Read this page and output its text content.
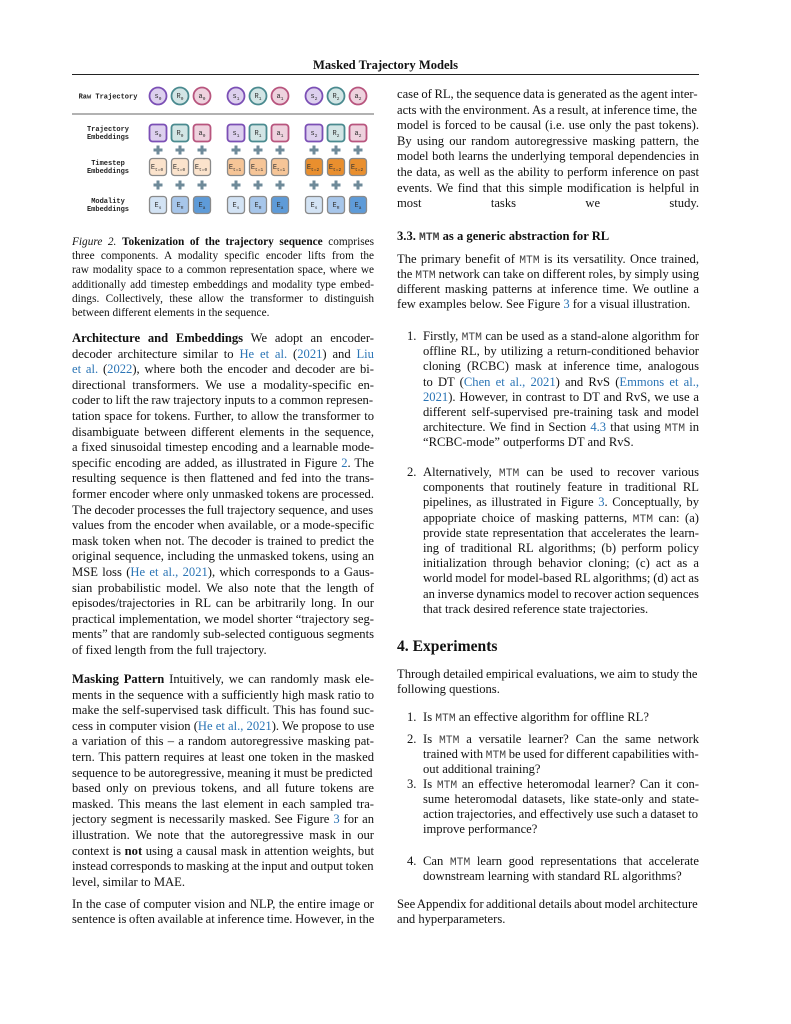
Masked Trajectory Models
Raw Trajectory
Trajectory
Embeddings
Timestep
Embeddings
Modality
Embeddings
$s_0$
$s_0$
$E_{t=0}$
$E_s$
$R_0$
$R_0$
$E_{t=0}$
$E_R$
$a_0$
$a_0$
$E_{t=0}$
$E_a$
$s_1$
$s_1$
$E_{t=1}$
$E_s$
$R_1$
$R_1$
$E_{t=1}$
$E_R$
$a_1$
$a_1$
$E_{t=1}$
$E_a$
$s_2$
$s_2$
$E_{t=2}$
$E_s$
$R_2$
$R_2$
$E_{t=2}$
$E_R$
$a_2$
$a_2$
$E_{t=2}$
$E_a$
Figure 2. Tokenization of the trajectory sequence comprises
three components. A modality specific encoder lifts from the
raw modality space to a common representation space, where we
additionally add timestep embeddings and modality type embed-
dings. Collectively, these allow the transformer to distinguish
between different elements in the sequence.
Architecture and Embeddings We adopt an encoder-
decoder architecture similar to He et al. (2021) and Liu
et al. (2022), where both the encoder and decoder are bi-
directional transformers. We use a modality-specific en-
coder to lift the raw trajectory inputs to a common represen-
tation space for tokens. Further, to allow the transformer to
disambiguate between different elements in the sequence,
a fixed sinusoidal timestep encoding and a learnable mode-
specific encoding are added, as illustrated in Figure 2. The
resulting sequence is then flattened and fed into the trans-
former encoder where only unmasked tokens are processed.
The decoder processes the full trajectory sequence, and uses
values from the encoder when available, or a mode-specific
mask token when not. The decoder is trained to predict the
original sequence, including the unmasked tokens, using an
MSE loss (He et al., 2021), which corresponds to a Gaus-
sian probabilistic model. We also note that the length of
episodes/trajectories in RL can be arbitrarily long. In our
practical implementation, we model shorter “trajectory seg-
ments” that are randomly sub-selected contiguous segments
of fixed length from the full trajectory.
Masking Pattern Intuitively, we can randomly mask ele-
ments in the sequence with a sufficiently high mask ratio to
make the self-supervised task difficult. This has found suc-
cess in computer vision (He et al., 2021). We propose to use
a variation of this – a random autoregressive masking pat-
tern. This pattern requires at least one token in the masked
sequence to be autoregressive, meaning it must be predicted
based only on previous tokens, and all future tokens are
masked. This means the last element in each sampled tra-
jectory segment is necessarily masked. See Figure 3 for an
illustration. We note that the autoregressive mask in our
context is not using a causal mask in attention weights, but
instead corresponds to masking at the input and output token
level, similar to MAE.
In the case of computer vision and NLP, the entire image or
sentence is often available at inference time. However, in the
case of RL, the sequence data is generated as the agent inter-
acts with the environment. As a result, at inference time, the
model is forced to be causal (i.e. use only the past tokens).
By using our random autoregressive masking pattern, the
model both learns the underlying temporal dependencies in
the data, as well as the ability to perform inference on past
events. We find that this simple modification is helpful in
most tasks we study.
3.3. MTM as a generic abstraction for RL
The primary benefit of MTM is its versatility. Once trained,
the MTM network can take on different roles, by simply using
different masking patterns at inference time. We outline a
few examples below. See Figure 3 for a visual illustration.
1. Firstly, MTM can be used as a stand-alone algorithm for
offline RL, by utilizing a return-conditioned behavior
cloning (RCBC) mask at inference time, analogous
to DT (Chen et al., 2021) and RvS (Emmons et al.,
2021). However, in contrast to DT and RvS, we use a
different self-supervised pre-training task and model
architecture. We find in Section 4.3 that using MTM in
“RCBC-mode” outperforms DT and RvS.
2. Alternatively, MTM can be used to recover various
components that routinely feature in traditional RL
pipelines, as illustrated in Figure 3. Conceptually, by
appopriate choice of masking patterns, MTM can: (a)
provide state representation that accelerates the learn-
ing of traditional RL algorithms; (b) perform policy
initialization through behavior cloning; (c) act as a
world model for model-based RL algorithms; (d) act as
an inverse dynamics model to recover action sequences
that track desired reference state trajectories.
4. Experiments
Through detailed empirical evaluations, we aim to study the
following questions.
1. Is MTM an effective algorithm for offline RL?
2. Is MTM a versatile learner? Can the same network
trained with MTM be used for different capabilities with-
out additional training?
3. Is MTM an effective heteromodal learner? Can it con-
sume heteromodal datasets, like state-only and state-
action trajectories, and effectively use such a dataset to
improve performance?
4. Can MTM learn good representations that accelerate
downstream learning with standard RL algorithms?
See Appendix for additional details about model architecture
and hyperparameters.
